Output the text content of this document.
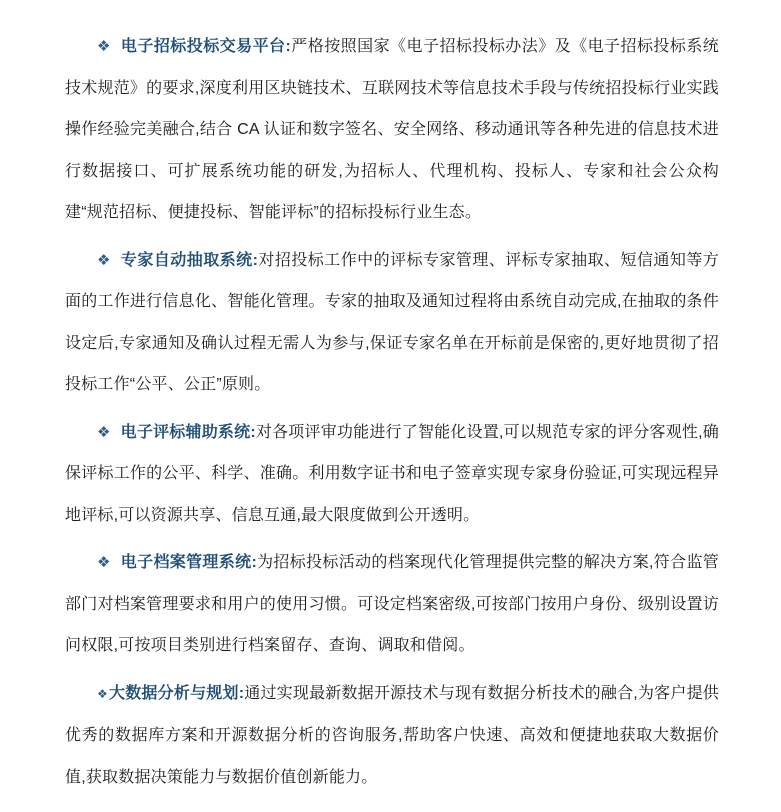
❖ 电子招标投标交易平台:严格按照国家《电子招标投标办法》及《电子招标投标系统技术规范》的要求,深度利用区块链技术、互联网技术等信息技术手段与传统招投标行业实践操作经验完美融合,结合 CA 认证和数字签名、安全网络、移动通讯等各种先进的信息技术进行数据接口、可扩展系统功能的研发,为招标人、代理机构、投标人、专家和社会公众构建“规范招标、便捷投标、智能评标”的招标投标行业生态。

❖ 专家自动抽取系统:对招投标工作中的评标专家管理、评标专家抽取、短信通知等方面的工作进行信息化、智能化管理。专家的抽取及通知过程将由系统自动完成,在抽取的条件设定后,专家通知及确认过程无需人为参与,保证专家名单在开标前是保密的,更好地贯彻了招投标工作“公平、公正”原则。

❖ 电子评标辅助系统:对各项评审功能进行了智能化设置,可以规范专家的评分客观性,确保评标工作的公平、科学、准确。利用数字证书和电子签章实现专家身份验证,可实现远程异地评标,可以资源共享、信息互通,最大限度做到公开透明。

❖ 电子档案管理系统:为招标投标活动的档案现代化管理提供完整的解决方案,符合监管部门对档案管理要求和用户的使用习惯。可设定档案密级,可按部门按用户身份、级别设置访问权限,可按项目类别进行档案留存、查询、调取和借阅。

❖大数据分析与规划:通过实现最新数据开源技术与现有数据分析技术的融合,为客户提供优秀的数据库方案和开源数据分析的咨询服务,帮助客户快速、高效和便捷地获取大数据价值,获取数据决策能力与数据价值创新能力。
